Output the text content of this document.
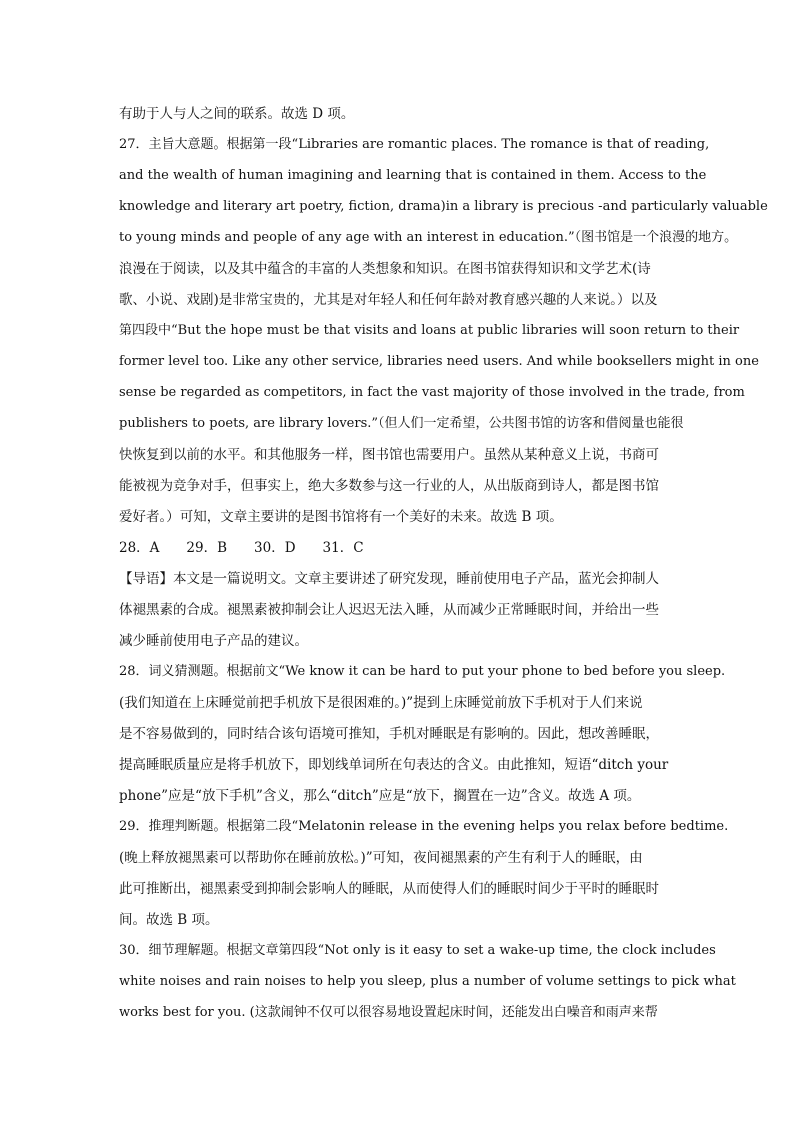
有助于人与人之间的联系。故选 D 项。
27．主旨大意题。根据第一段“Libraries are romantic places. The romance is that of reading,
and the wealth of human imagining and learning that is contained in them. Access to the
knowledge and literary art poetry, fiction, drama)in a library is precious -and particularly valuable
to young minds and people of any age with an interest in education.”（图书馆是一个浪漫的地方。
浪漫在于阅读，以及其中蕴含的丰富的人类想象和知识。在图书馆获得知识和文学艺术(诗
歌、小说、戏剧)是非常宝贵的，尤其是对年轻人和任何年龄对教育感兴趣的人来说。）以及
第四段中“But the hope must be that visits and loans at public libraries will soon return to their
former level too. Like any other service, libraries need users. And while booksellers might in one
sense be regarded as competitors, in fact the vast majority of those involved in the trade, from
publishers to poets, are library lovers.”（但人们一定希望，公共图书馆的访客和借阅量也能很
快恢复到以前的水平。和其他服务一样，图书馆也需要用户。虽然从某种意义上说，书商可
能被视为竞争对手，但事实上，绝大多数参与这一行业的人，从出版商到诗人，都是图书馆
爱好者。）可知，文章主要讲的是图书馆将有一个美好的未来。故选 B 项。
28．A　　29．B　　30．D　　31．C
【导语】本文是一篇说明文。文章主要讲述了研究发现，睡前使用电子产品，蓝光会抑制人
体褪黑素的合成。褪黑素被抑制会让人迟迟无法入睡，从而减少正常睡眠时间，并给出一些
减少睡前使用电子产品的建议。
28．词义猜测题。根据前文“We know it can be hard to put your phone to bed before you sleep.
(我们知道在上床睡觉前把手机放下是很困难的。)”提到上床睡觉前放下手机对于人们来说
是不容易做到的，同时结合该句语境可推知，手机对睡眠是有影响的。因此，想改善睡眠，
提高睡眠质量应是将手机放下，即划线单词所在句表达的含义。由此推知，短语“ditch your
phone”应是“放下手机”含义，那么“ditch”应是“放下，搁置在一边”含义。故选 A 项。
29．推理判断题。根据第二段“Melatonin release in the evening helps you relax before bedtime.
(晚上释放褪黑素可以帮助你在睡前放松。)”可知，夜间褪黑素的产生有利于人的睡眠，由
此可推断出，褪黑素受到抑制会影响人的睡眠，从而使得人们的睡眠时间少于平时的睡眠时
间。故选 B 项。
30．细节理解题。根据文章第四段“Not only is it easy to set a wake-up time, the clock includes
white noises and rain noises to help you sleep, plus a number of volume settings to pick what
works best for you. (这款闹钟不仅可以很容易地设置起床时间，还能发出白噪音和雨声来帮
